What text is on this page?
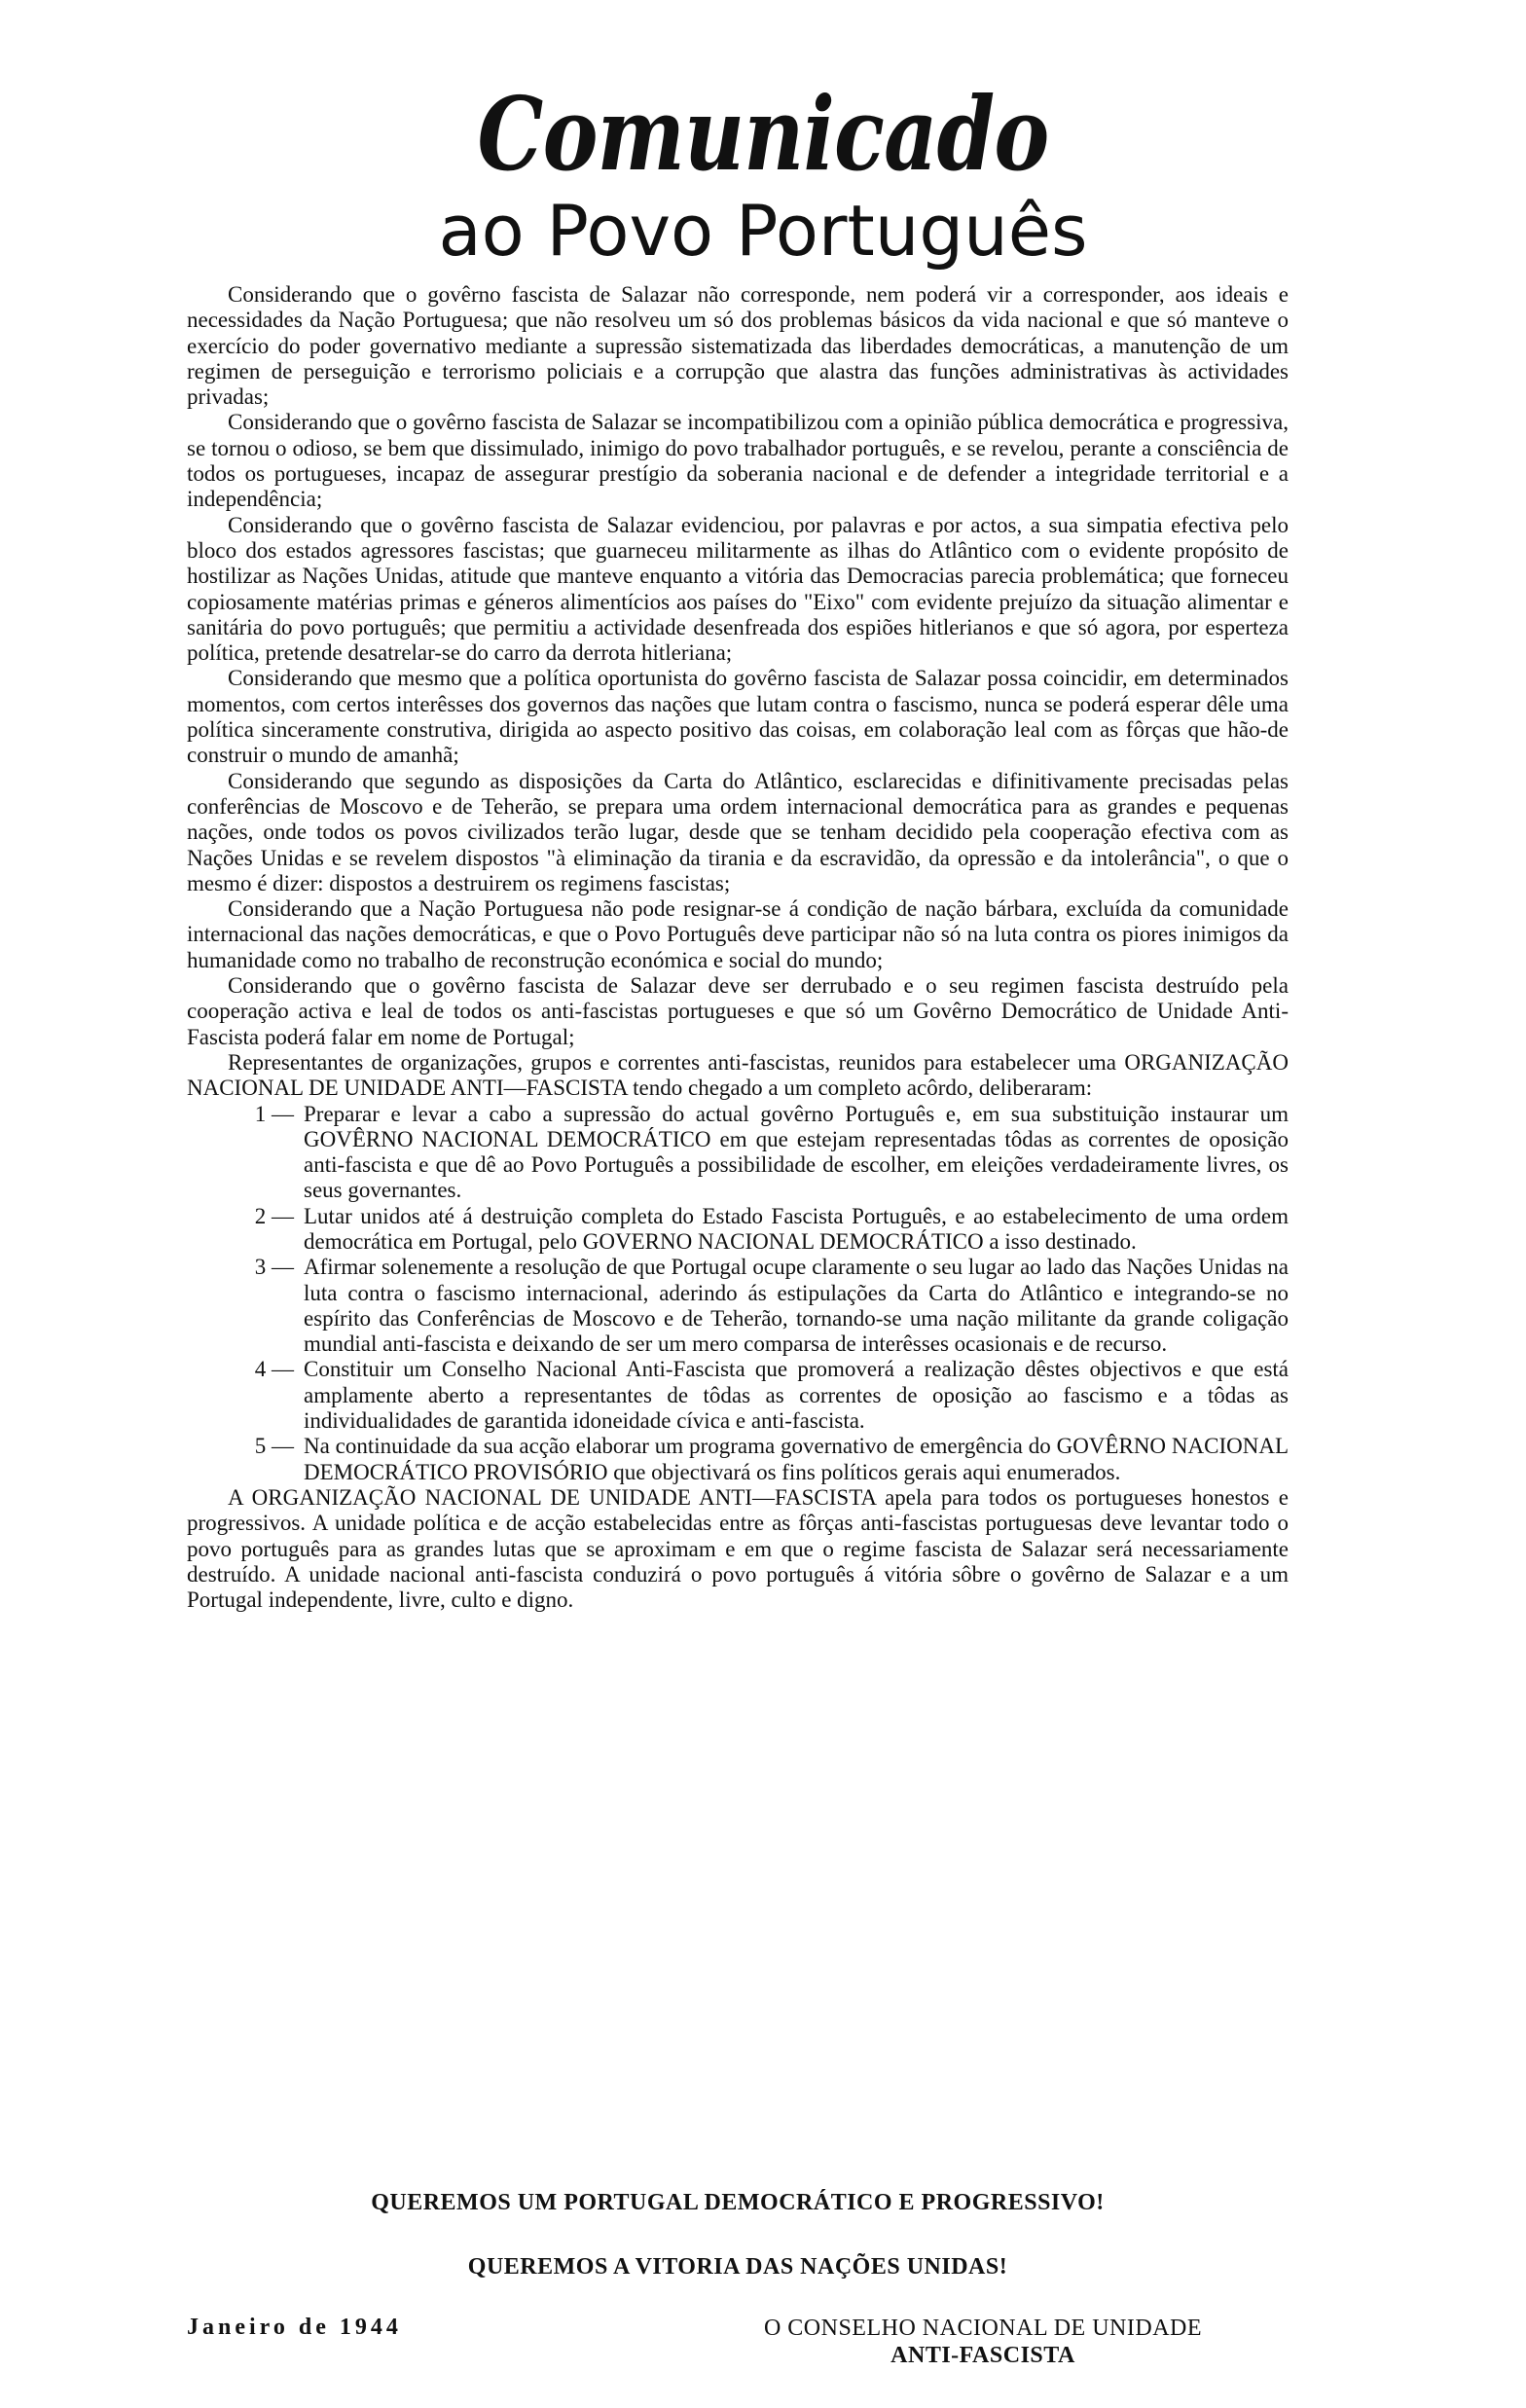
Comunicado
ao Povo Português

Considerando que o govêrno fascista de Salazar não corresponde, nem poderá vir a corresponder, aos ideais e necessidades da Nação Portuguesa; que não resolveu um só dos problemas básicos da vida nacional e que só manteve o exercício do poder governativo mediante a supressão sistematizada das liberdades democráticas, a manutenção de um regimen de perseguição e terrorismo policiais e a corrupção que alastra das funções administrativas às actividades privadas;

Considerando que o govêrno fascista de Salazar se incompatibilizou com a opinião pública democrática e progressiva, se tornou o odioso, se bem que dissimulado, inimigo do povo trabalhador português, e se revelou, perante a consciência de todos os portugueses, incapaz de assegurar prestígio da soberania nacional e de defender a integridade territorial e a independência;

Considerando que o govêrno fascista de Salazar evidenciou, por palavras e por actos, a sua simpatia efectiva pelo bloco dos estados agressores fascistas; que guarneceu militarmente as ilhas do Atlântico com o evidente propósito de hostilizar as Nações Unidas, atitude que manteve enquanto a vitória das Democracias parecia problemática; que forneceu copiosamente matérias primas e géneros alimentícios aos países do "Eixo" com evidente prejuízo da situação alimentar e sanitária do povo português; que permitiu a actividade desenfreada dos espiões hitlerianos e que só agora, por esperteza política, pretende desatrelar-se do carro da derrota hitleriana;

Considerando que mesmo que a política oportunista do govêrno fascista de Salazar possa coincidir, em determinados momentos, com certos interêsses dos governos das nações que lutam contra o fascismo, nunca se poderá esperar dêle uma política sinceramente construtiva, dirigida ao aspecto positivo das coisas, em colaboração leal com as fôrças que hão-de construir o mundo de amanhã;

Considerando que segundo as disposições da Carta do Atlântico, esclarecidas e difinitivamente precisadas pelas conferências de Moscovo e de Teherão, se prepara uma ordem internacional democrática para as grandes e pequenas nações, onde todos os povos civilizados terão lugar, desde que se tenham decidido pela cooperação efectiva com as Nações Unidas e se revelem dispostos "à eliminação da tirania e da escravidão, da opressão e da intolerância", o que o mesmo é dizer: dispostos a destruirem os regimens fascistas;

Considerando que a Nação Portuguesa não pode resignar-se á condição de nação bárbara, excluída da comunidade internacional das nações democráticas, e que o Povo Português deve participar não só na luta contra os piores inimigos da humanidade como no trabalho de reconstrução económica e social do mundo;

Considerando que o govêrno fascista de Salazar deve ser derrubado e o seu regimen fascista destruído pela cooperação activa e leal de todos os anti-fascistas portugueses e que só um Govêrno Democrático de Unidade Anti-Fascista poderá falar em nome de Portugal;

Representantes de organizações, grupos e correntes anti-fascistas, reunidos para estabelecer uma ORGANIZAÇÃO NACIONAL DE UNIDADE ANTI—FASCISTA tendo chegado a um completo acôrdo, deliberaram:

1 — Preparar e levar a cabo a supressão do actual govêrno Português e, em sua substituição instaurar um GOVÊRNO NACIONAL DEMOCRÁTICO em que estejam representadas tôdas as correntes de oposição anti-fascista e que dê ao Povo Português a possibilidade de escolher, em eleições verdadeiramente livres, os seus governantes.
2 — Lutar unidos até á destruição completa do Estado Fascista Português, e ao estabelecimento de uma ordem democrática em Portugal, pelo GOVERNO NACIONAL DEMOCRÁTICO a isso destinado.
3 — Afirmar solenemente a resolução de que Portugal ocupe claramente o seu lugar ao lado das Nações Unidas na luta contra o fascismo internacional, aderindo ás estipulações da Carta do Atlântico e integrando-se no espírito das Conferências de Moscovo e de Teherão, tornando-se uma nação militante da grande coligação mundial anti-fascista e deixando de ser um mero comparsa de interêsses ocasionais e de recurso.
4 — Constituir um Conselho Nacional Anti-Fascista que promoverá a realização dêstes objectivos e que está amplamente aberto a representantes de tôdas as correntes de oposição ao fascismo e a tôdas as individualidades de garantida idoneidade cívica e anti-fascista.
5 — Na continuidade da sua acção elaborar um programa governativo de emergência do GOVÊRNO NACIONAL DEMOCRÁTICO PROVISÓRIO que objectivará os fins políticos gerais aqui enumerados.

A ORGANIZAÇÃO NACIONAL DE UNIDADE ANTI—FASCISTA apela para todos os portugueses honestos e progressivos. A unidade política e de acção estabelecidas entre as fôrças anti-fascistas portuguesas deve levantar todo o povo português para as grandes lutas que se aproximam e em que o regime fascista de Salazar será necessariamente destruído. A unidade nacional anti-fascista conduzirá o povo português á vitória sôbre o govêrno de Salazar e a um Portugal independente, livre, culto e digno.

QUEREMOS UM PORTUGAL DEMOCRÁTICO E PROGRESSIVO!
QUEREMOS A VITORIA DAS NAÇÕES UNIDAS!
Janeiro de 1944	O CONSELHO NACIONAL DE UNIDADE
ANTI-FASCISTA
